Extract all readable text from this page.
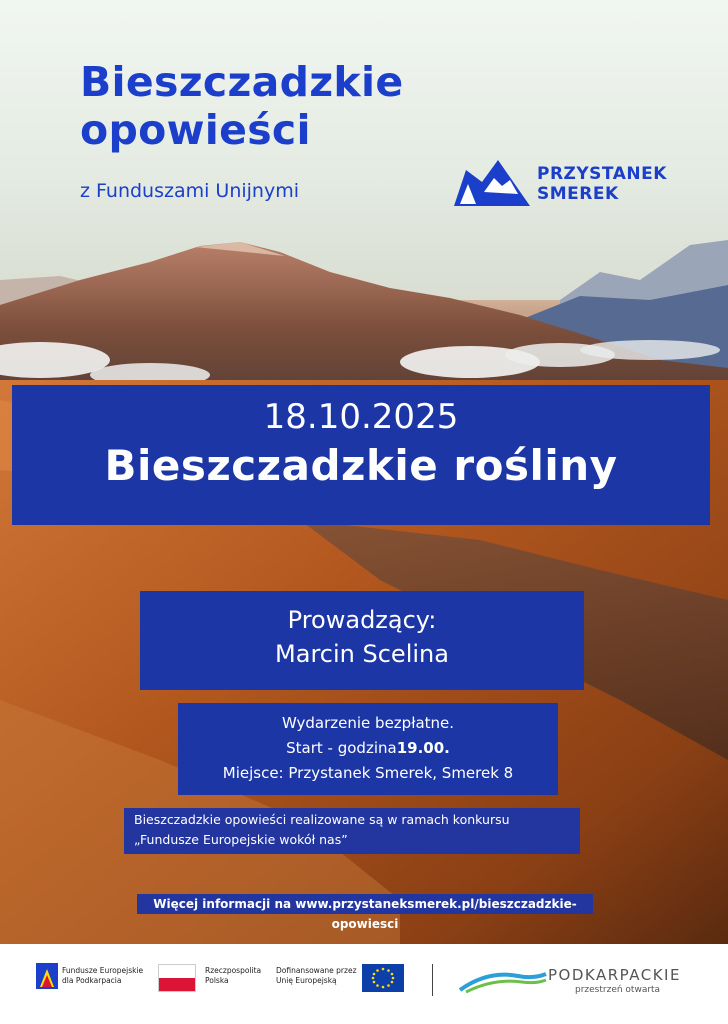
Bieszczadzkie
opowieści
z Funduszami Unijnymi
PRZYSTANEK
SMEREK
18.10.2025
Bieszczadzkie rośliny
Prowadzący:
Marcin Scelina
Wydarzenie bezpłatne.
Start - godzina19.00.
Miejsce: Przystanek Smerek, Smerek 8
Bieszczadzkie opowieści realizowane są w ramach konkursu
„Fundusze Europejskie wokół nas”
Więcej informacji na www.przystaneksmerek.pl/bieszczadzkie-opowiesci
Fundusze Europejskie
dla Podkarpacia
Rzeczpospolita
Polska
Dofinansowane przez
Unię Europejską	PODKARPACKIE
przestrzeń otwarta
